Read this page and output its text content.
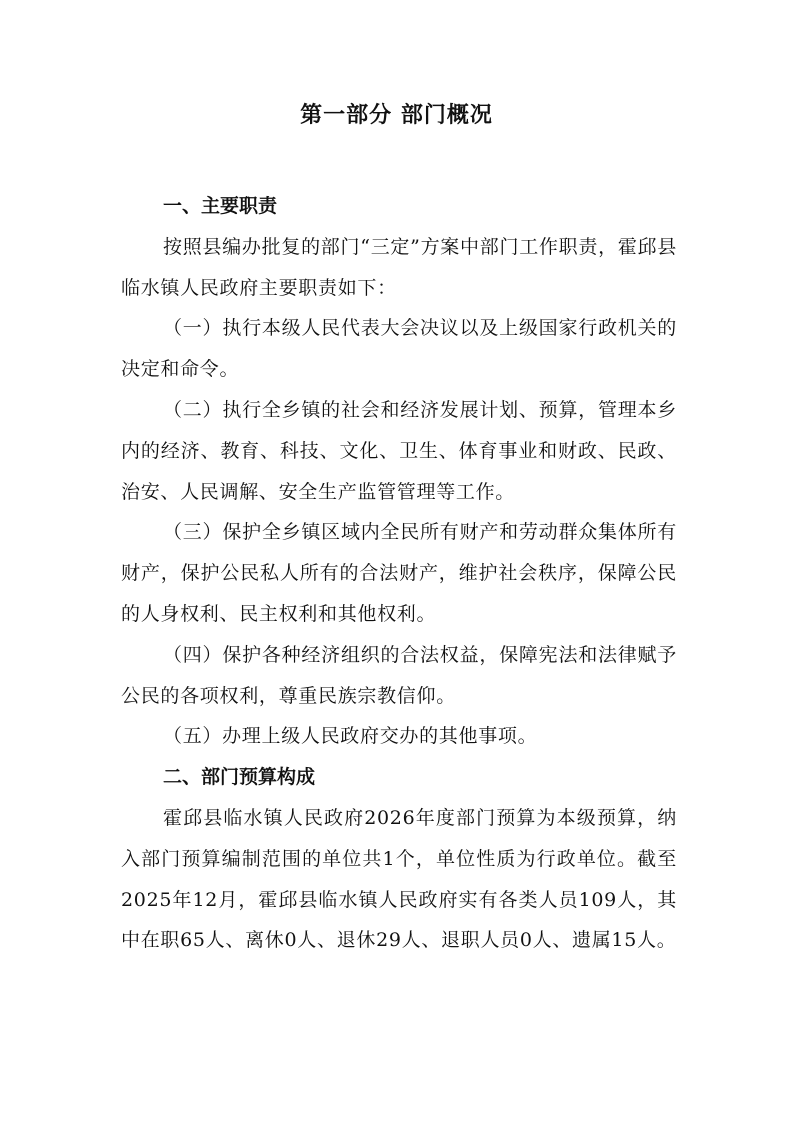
第一部分 部门概况

一、主要职责

按照县编办批复的部门“三定”方案中部门工作职责，霍邱县临水镇人民政府主要职责如下：

（一）执行本级人民代表大会决议以及上级国家行政机关的决定和命令。

（二）执行全乡镇的社会和经济发展计划、预算，管理本乡内的经济、教育、科技、文化、卫生、体育事业和财政、民政、治安、人民调解、安全生产监管管理等工作。

（三）保护全乡镇区域内全民所有财产和劳动群众集体所有财产，保护公民私人所有的合法财产，维护社会秩序，保障公民的人身权利、民主权利和其他权利。

（四）保护各种经济组织的合法权益，保障宪法和法律赋予公民的各项权利，尊重民族宗教信仰。

（五）办理上级人民政府交办的其他事项。

二、部门预算构成

霍邱县临水镇人民政府2026年度部门预算为本级预算，纳入部门预算编制范围的单位共1个，单位性质为行政单位。截至2025年12月，霍邱县临水镇人民政府实有各类人员109人，其中在职65人、离休0人、退休29人、退职人员0人、遗属15人。
